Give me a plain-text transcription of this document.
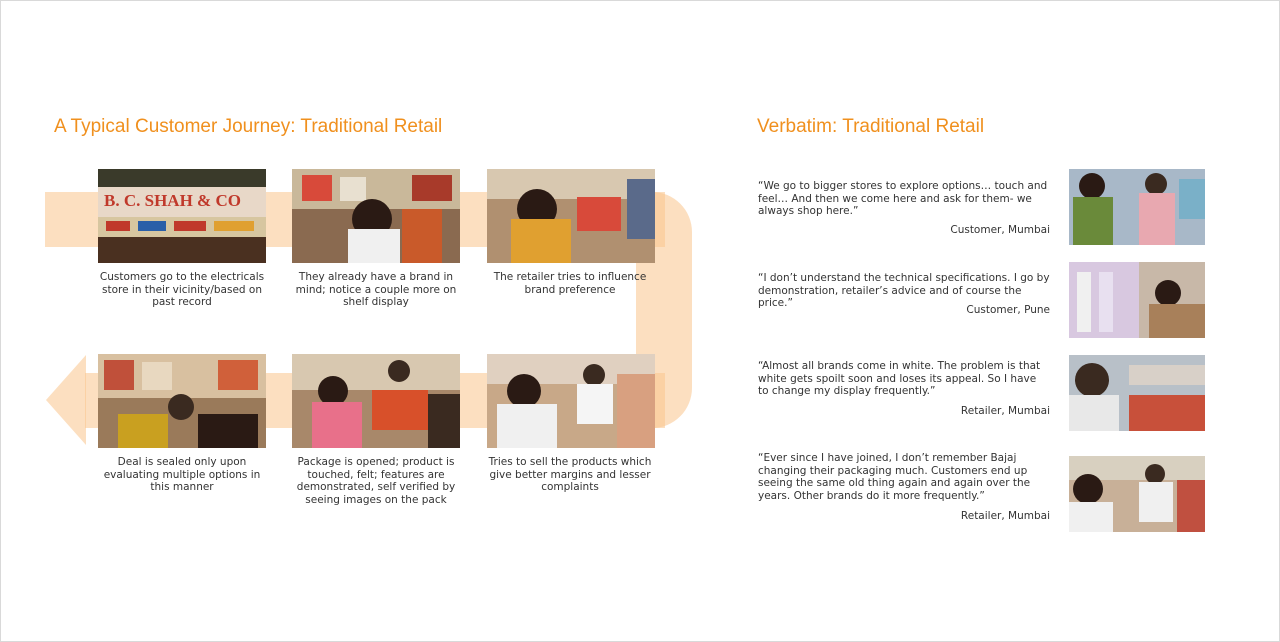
A Typical Customer Journey: Traditional Retail
B. C. SHAH & CO
Customers go to the electricals store in their vicinity/based on past record
They already have a brand in mind; notice a couple more on shelf display
The retailer tries to influence brand preference
Deal is sealed only upon evaluating multiple options in this manner
Package is opened; product is touched, felt; features are demonstrated, self verified by seeing images on the pack
Tries to sell the products which give better margins and lesser complaints
Verbatim: Traditional Retail
“We go to bigger stores to explore options… touch and feel… And then we come here and ask for them- we always shop here.”
Customer, Mumbai
“I don’t understand the technical specifications. I go by demonstration, retailer’s advice and of course the price.”
Customer, Pune
“Almost all brands come in white. The problem is that white gets spoilt soon and loses its appeal. So I have to change my display frequently.”
Retailer, Mumbai
“Ever since I have joined, I don’t remember Bajaj changing their packaging much. Customers end up seeing the same old thing again and again over the years. Other brands do it more frequently.”
Retailer, Mumbai
